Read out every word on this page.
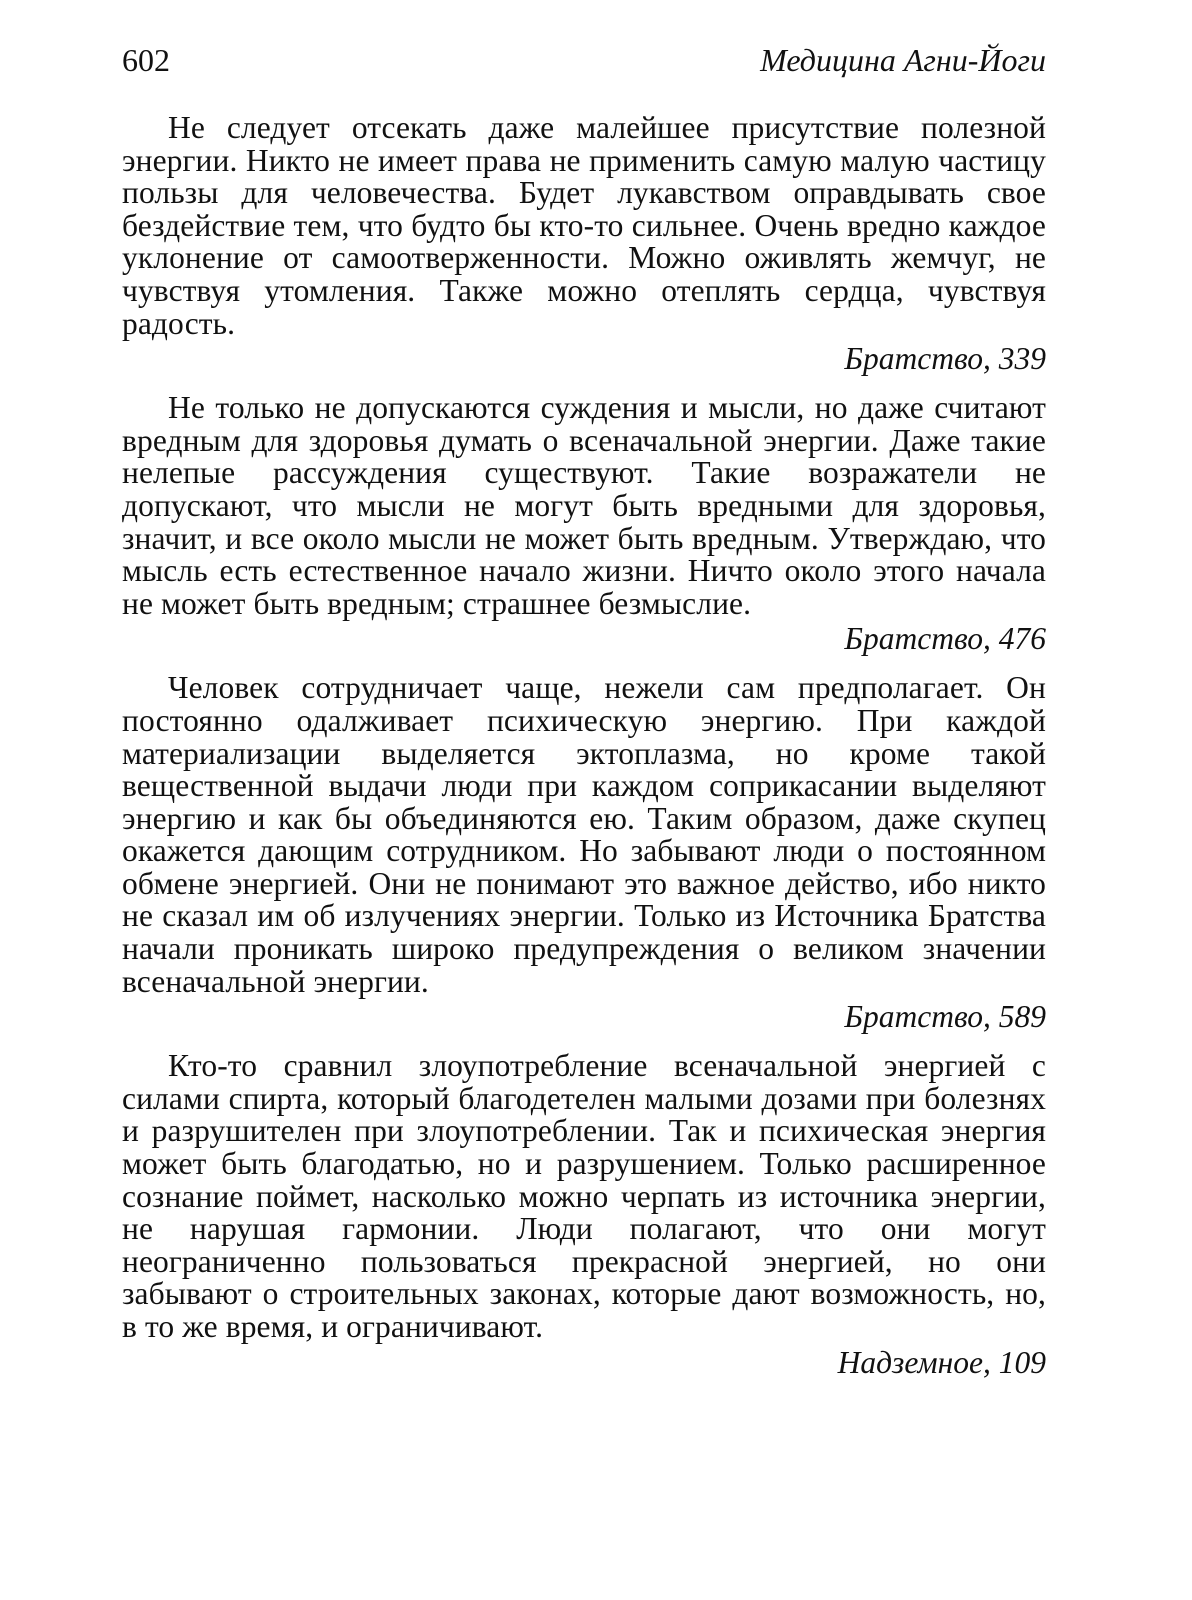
602	Медицина Агни-Йоги

Не следует отсекать даже малейшее присутствие полезной энергии. Никто не имеет права не применить самую малую частицу пользы для человечества. Будет лукавством оправдывать свое бездействие тем, что будто бы кто-то сильнее. Очень вредно каждое уклонение от самоотверженности. Можно оживлять жемчуг, не чувствуя утомления. Также можно отеплять сердца, чувствуя радость.

Братство, 339

Не только не допускаются суждения и мысли, но даже считают вредным для здоровья думать о всеначальной энергии. Даже такие нелепые рассуждения существуют. Такие возражатели не допускают, что мысли не могут быть вредными для здоровья, значит, и все около мысли не может быть вредным. Утверждаю, что мысль есть естественное начало жизни. Ничто около этого начала не может быть вредным; страшнее безмыслие.

Братство, 476

Человек сотрудничает чаще, нежели сам предполагает. Он постоянно одалживает психическую энергию. При каждой материализации выделяется эктоплазма, но кроме такой вещественной выдачи люди при каждом соприкасании выделяют энергию и как бы объединяются ею. Таким образом, даже скупец окажется дающим сотрудником. Но забывают люди о постоянном обмене энергией. Они не понимают это важное действо, ибо никто не сказал им об излучениях энергии. Только из Источника Братства начали проникать широко предупреждения о великом значении всеначальной энергии.

Братство, 589

Кто-то сравнил злоупотребление всеначальной энергией с силами спирта, который благодетелен малыми дозами при болезнях и разрушителен при злоупотреблении. Так и психическая энергия может быть благодатью, но и разрушением. Только расширенное сознание поймет, насколько можно черпать из источника энергии, не нарушая гармонии. Люди полагают, что они могут неограниченно пользоваться прекрасной энергией, но они забывают о строительных законах, которые дают возможность, но, в то же время, и ограничивают.

Надземное, 109
